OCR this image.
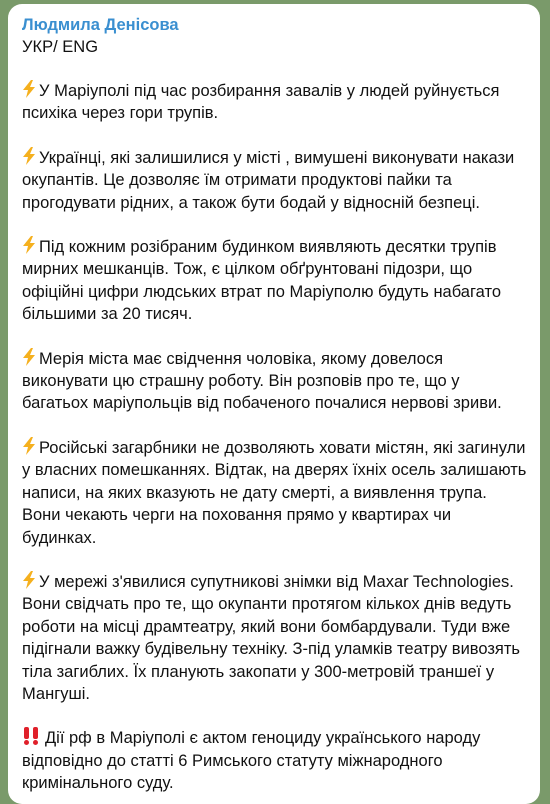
Людмила Денісова
УКР/ ENG

У Маріуполі під час розбирання завалів у людей руйнується психіка через гори трупів.

Українці, які залишилися у місті , вимушені виконувати накази окупантів. Це дозволяє їм отримати продуктові пайки та прогодувати рідних, а також бути бодай у відносній безпеці.

Під кожним розібраним будинком виявляють десятки трупів мирних мешканців. Тож, є цілком обґрунтовані підозри, що офіційні цифри людських втрат по Маріуполю будуть набагато більшими за 20 тисяч.

Мерія міста має свідчення чоловіка, якому довелося виконувати цю страшну роботу. Він розповів про те, що у багатьох маріупольців від побаченого почалися нервові зриви.

Російські загарбники не дозволяють ховати містян, які загинули у власних помешканнях. Відтак, на дверях їхніх осель залишають написи, на яких вказують не дату смерті, а виявлення трупа. Вони чекають черги на поховання прямо у квартирах чи будинках.

У мережі з'явилися супутникові знімки від Maxar Technologies. Вони свідчать про те, що окупанти протягом кількох днів ведуть роботи на місці драмтеатру, який вони бомбардували. Туди вже підігнали важку будівельну техніку. З-під уламків театру вивозять тіла загиблих. Їх планують закопати у 300-метровій траншеї у Мангуші.

Дії рф в Маріуполі є актом геноциду українського народу відповідно до статті 6 Римського статуту міжнародного кримінального суду.
